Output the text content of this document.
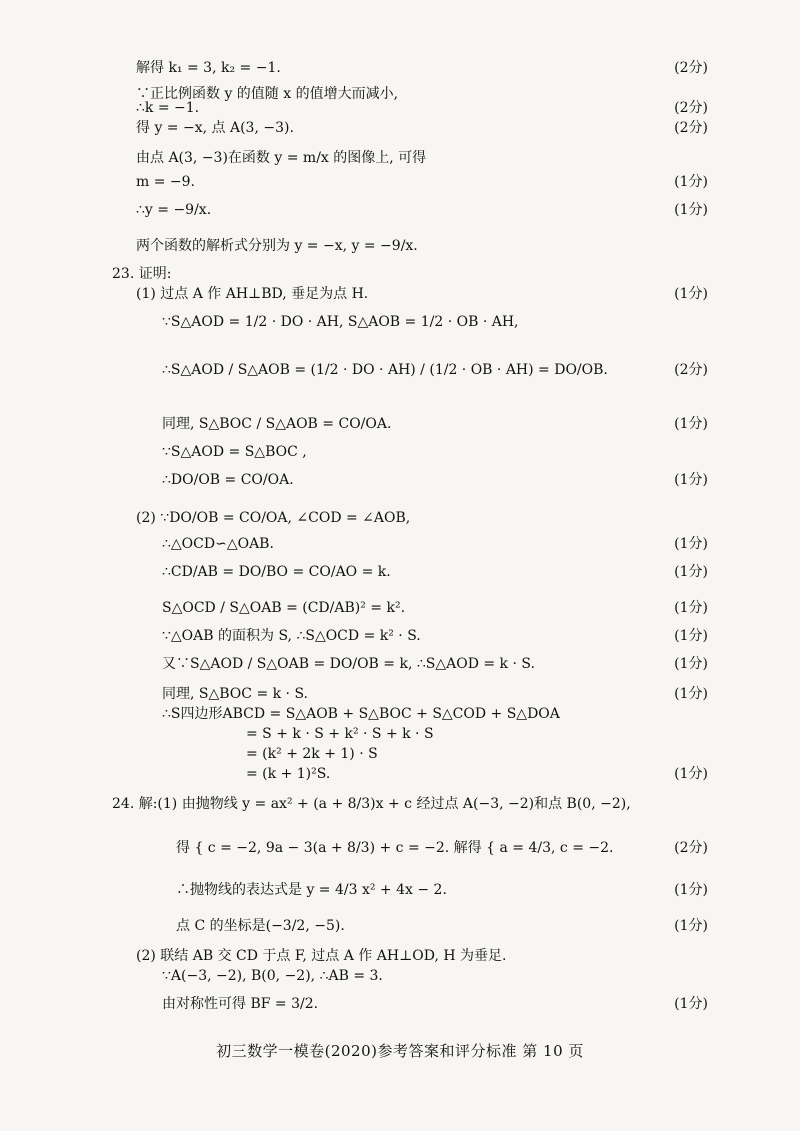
解得 k₁ = 3, k₂ = −1.	(2分)
∵正比例函数 y 的值随 x 的值增大而减小,
∴k = −1.	(2分)
得 y = −x, 点 A(3, −3).	(2分)
由点 A(3, −3)在函数 y = m/x 的图像上, 可得
m = −9.	(1分)
∴y = −9/x.	(1分)
两个函数的解析式分别为 y = −x, y = −9/x.
23. 证明:
(1) 过点 A 作 AH⊥BD, 垂足为点 H.	(1分)
∵S△AOD = 1/2 · DO · AH, S△AOB = 1/2 · OB · AH,
∴S△AOD / S△AOB = (1/2 · DO · AH) / (1/2 · OB · AH) = DO/OB.	(2分)
同理, S△BOC / S△AOB = CO/OA.	(1分)
∵S△AOD = S△BOC ,
∴DO/OB = CO/OA.	(1分)
(2) ∵DO/OB = CO/OA, ∠COD = ∠AOB,
∴△OCD∽△OAB.	(1分)
∴CD/AB = DO/BO = CO/AO = k.	(1分)
S△OCD / S△OAB = (CD/AB)² = k².	(1分)
∵△OAB 的面积为 S, ∴S△OCD = k² · S.	(1分)
又∵S△AOD / S△OAB = DO/OB = k, ∴S△AOD = k · S.	(1分)
同理, S△BOC = k · S.	(1分)
∴S四边形ABCD = S△AOB + S△BOC + S△COD + S△DOA
= S + k · S + k² · S + k · S
= (k² + 2k + 1) · S
= (k + 1)²S.	(1分)
24. 解:(1) 由抛物线 y = ax² + (a + 8/3)x + c 经过点 A(−3, −2)和点 B(0, −2),
得 { c = −2, 9a − 3(a + 8/3) + c = −2. 解得 { a = 4/3, c = −2.	(2分)
∴抛物线的表达式是 y = 4/3 x² + 4x − 2.	(1分)
点 C 的坐标是(−3/2, −5).	(1分)
(2) 联结 AB 交 CD 于点 F, 过点 A 作 AH⊥OD, H 为垂足.
∵A(−3, −2), B(0, −2), ∴AB = 3.
由对称性可得 BF = 3/2.	(1分)
初三数学一模卷(2020)参考答案和评分标准 第 10 页
